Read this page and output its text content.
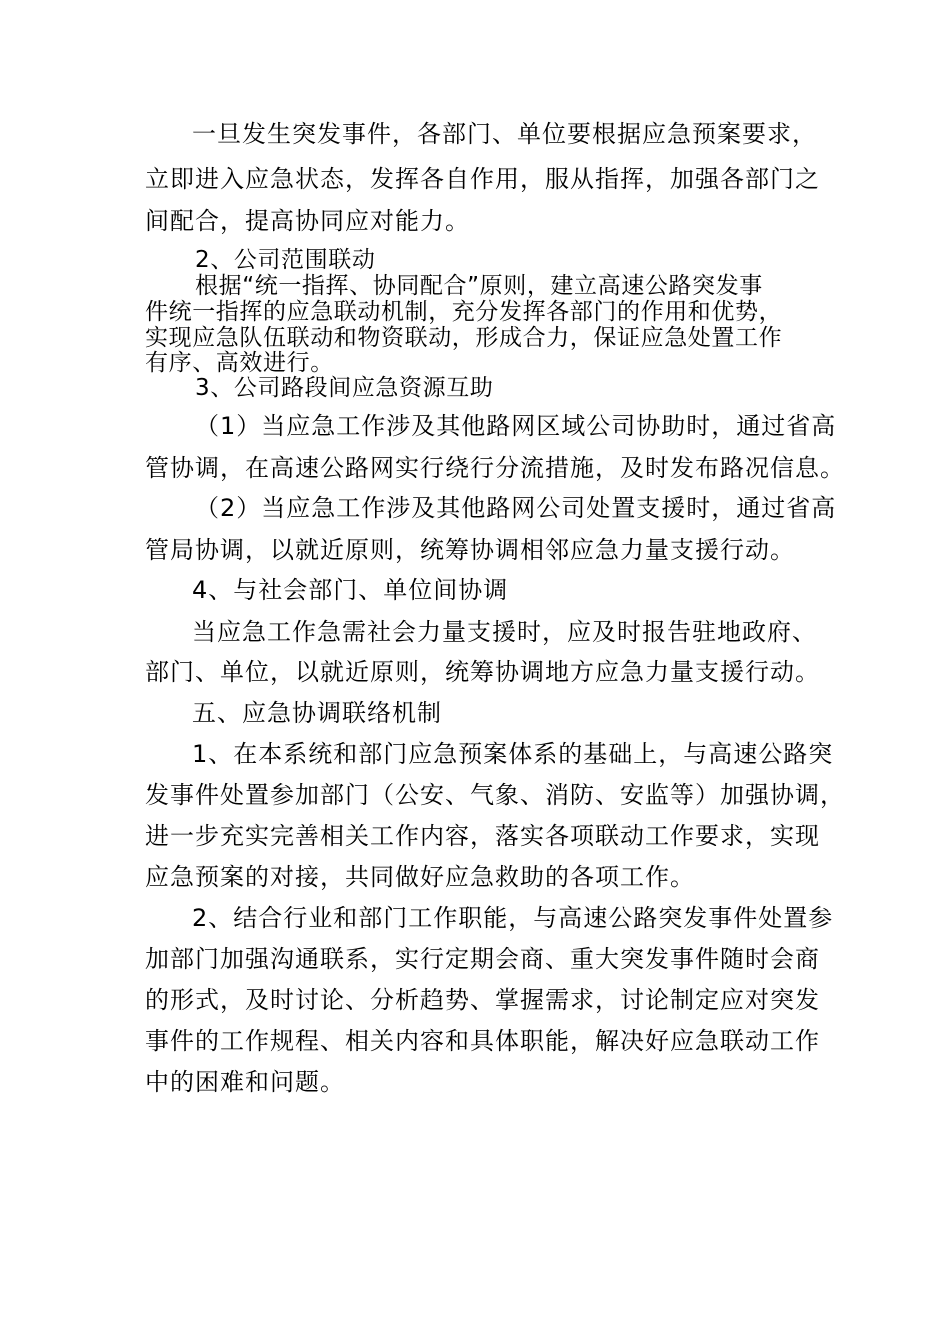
一旦发生突发事件，各部门、单位要根据应急预案要求，
立即进入应急状态，发挥各自作用，服从指挥，加强各部门之
间配合，提高协同应对能力。
2、公司范围联动
根据“统一指挥、协同配合”原则，建立高速公路突发事
件统一指挥的应急联动机制，充分发挥各部门的作用和优势，
实现应急队伍联动和物资联动，形成合力，保证应急处置工作
有序、高效进行。
3、公司路段间应急资源互助
（1）当应急工作涉及其他路网区域公司协助时，通过省高
管协调，在高速公路网实行绕行分流措施，及时发布路况信息。
（2）当应急工作涉及其他路网公司处置支援时，通过省高
管局协调，以就近原则，统筹协调相邻应急力量支援行动。
4、与社会部门、单位间协调
当应急工作急需社会力量支援时，应及时报告驻地政府、
部门、单位，以就近原则，统筹协调地方应急力量支援行动。
五、应急协调联络机制
1、在本系统和部门应急预案体系的基础上，与高速公路突
发事件处置参加部门（公安、气象、消防、安监等）加强协调，
进一步充实完善相关工作内容，落实各项联动工作要求，实现
应急预案的对接，共同做好应急救助的各项工作。
2、结合行业和部门工作职能，与高速公路突发事件处置参
加部门加强沟通联系，实行定期会商、重大突发事件随时会商
的形式，及时讨论、分析趋势、掌握需求，讨论制定应对突发
事件的工作规程、相关内容和具体职能，解决好应急联动工作
中的困难和问题。
